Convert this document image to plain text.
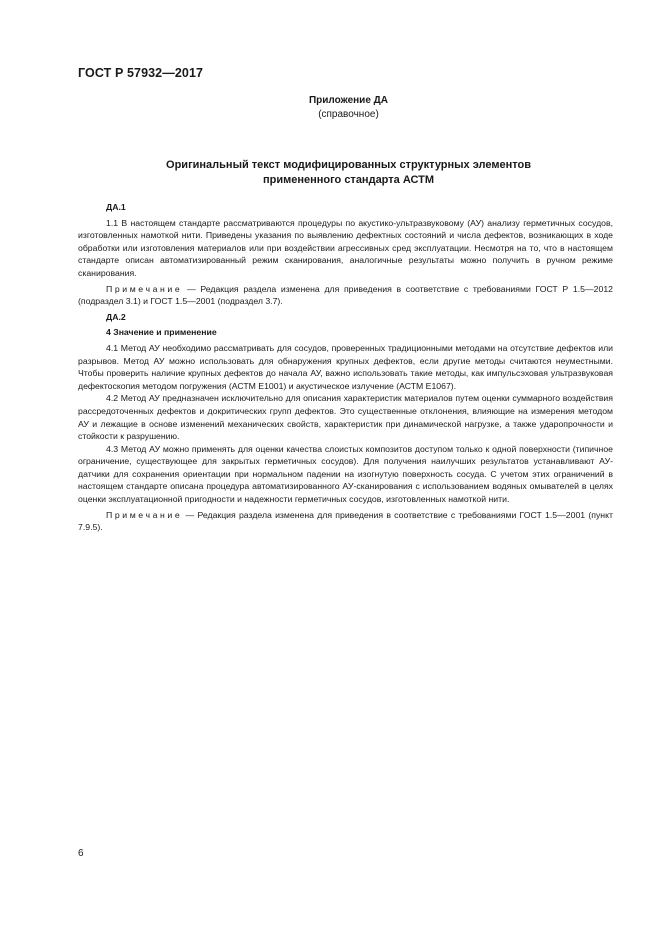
ГОСТ Р 57932—2017
Приложение ДА
(справочное)
Оригинальный текст модифицированных структурных элементов
примененного стандарта АСТМ
ДА.1

1.1 В настоящем стандарте рассматриваются процедуры по акустико-ультразвуковому (АУ) анализу герметичных сосудов, изготовленных намоткой нити. Приведены указания по выявлению дефектных состояний и числа дефектов, возникающих в ходе обработки или изготовления материалов или при воздействии агрессивных сред эксплуатации. Несмотря на то, что в настоящем стандарте описан автоматизированный режим сканирования, аналогичные результаты можно получить в ручном режиме сканирования.

Примечание — Редакция раздела изменена для приведения в соответствие с требованиями ГОСТ Р 1.5—2012 (подраздел 3.1) и ГОСТ 1.5—2001 (подраздел 3.7).

ДА.2
4 Значение и применение

4.1 Метод АУ необходимо рассматривать для сосудов, проверенных традиционными методами на отсутствие дефектов или разрывов. Метод АУ можно использовать для обнаружения крупных дефектов, если другие методы считаются неуместными. Чтобы проверить наличие крупных дефектов до начала АУ, важно использовать такие методы, как импульсэховая ультразвуковая дефектоскопия методом погружения (АСТМ Е1001) и акустическое излучение (АСТМ Е1067).

4.2 Метод АУ предназначен исключительно для описания характеристик материалов путем оценки суммарного воздействия рассредоточенных дефектов и докритических групп дефектов. Это существенные отклонения, влияющие на измерения методом АУ и лежащие в основе изменений механических свойств, характеристик при динамической нагрузке, а также ударопрочности и стойкости к разрушению.

4.3 Метод АУ можно применять для оценки качества слоистых композитов доступом только к одной поверхности (типичное ограничение, существующее для закрытых герметичных сосудов). Для получения наилучших результатов устанавливают АУ-датчики для сохранения ориентации при нормальном падении на изогнутую поверхность сосуда. С учетом этих ограничений в настоящем стандарте описана процедура автоматизированного АУ-сканирования с использованием водяных омывателей в целях оценки эксплуатационной пригодности и надежности герметичных сосудов, изготовленных намоткой нити.

Примечание — Редакция раздела изменена для приведения в соответствие с требованиями ГОСТ 1.5—2001 (пункт 7.9.5).

6
